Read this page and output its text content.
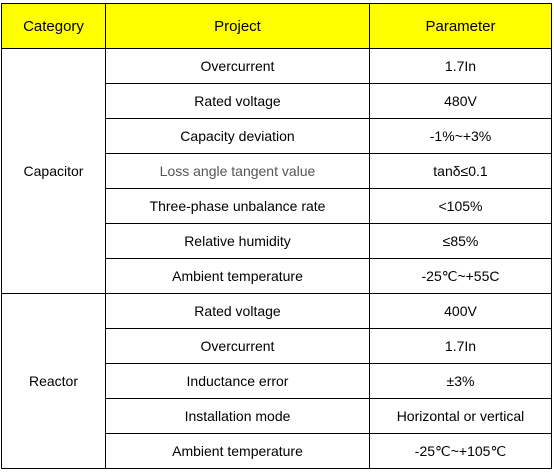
Category	Project	Parameter
Capacitor	Overcurrent	1.7In
	Rated voltage	480V
	Capacity deviation	-1%~+3%
	Loss angle tangent value	tanδ≤0.1
	Three-phase unbalance rate	<105%
	Relative humidity	≤85%
	Ambient temperature	-25℃~+55C
Reactor	Rated voltage	400V
	Overcurrent	1.7In
	Inductance error	±3%
	Installation mode	Horizontal or vertical
	Ambient temperature	-25℃~+105℃
